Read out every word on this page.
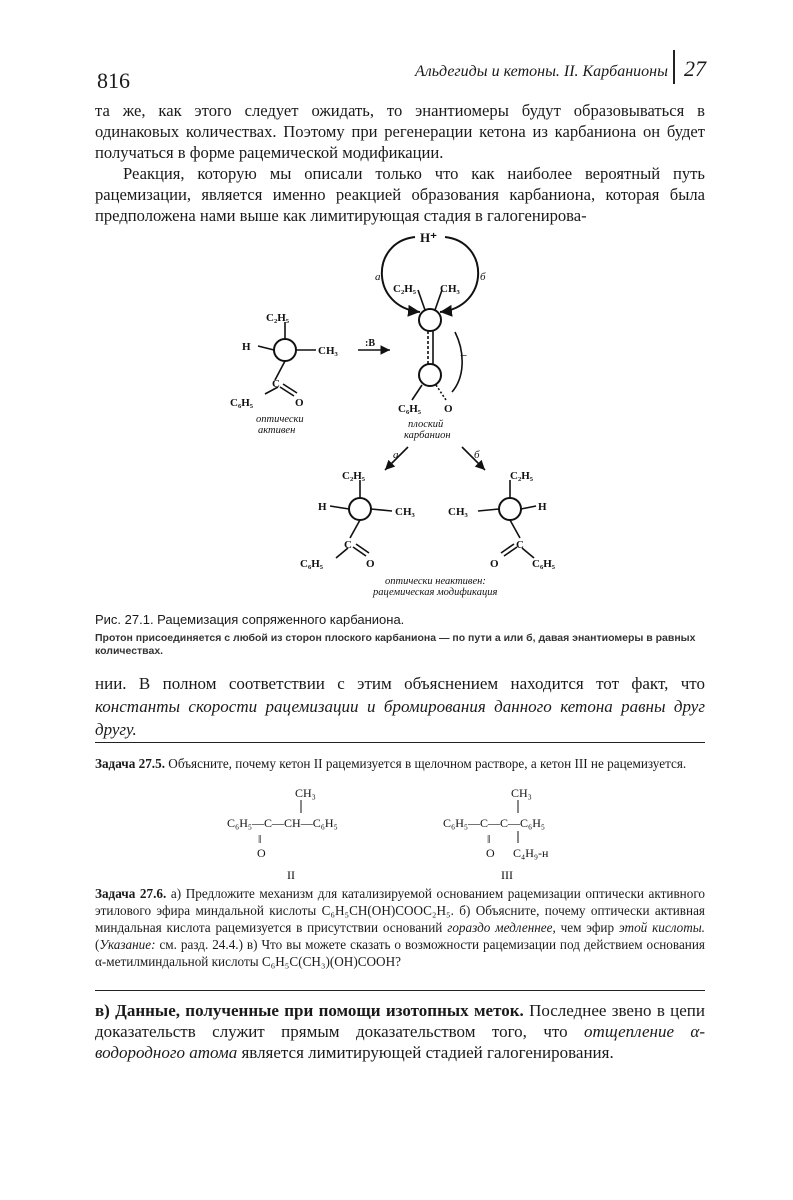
816	Альдегиды и кетоны. II. Карбанионы 27

та же, как этого следует ожидать, то энантиомеры будут образовываться в одинаковых количествах. Поэтому при регенерации кетона из карбаниона он будет получаться в форме рацемической модификации.

Реакция, которую мы описали только что как наиболее вероятный путь рацемизации, является именно реакцией образования карбаниона, которая была предположена нами выше как лимитирующая стадия в галогенирова-

H⁺
а	б
C₂H₅
H	CH₃
C
C₆H₅	O
оптически
активен
:B
−
C₂H₅ CH₃
C₆H₅ O
плоский
карбанион
а	б
C₂H₅
H	CH₃
C
C₆H₅	O
C₂H₅
CH₃	H
C
O	C₆H₅
оптически неактивен:
рацемическая модификация
Рис. 27.1. Рацемизация сопряженного карбаниона.
Протон присоединяется с любой из сторон плоского карбаниона — по пути а или б, давая энантиомеры в равных количествах.
нии. В полном соответствии с этим объяснением находится тот факт, что константы скорости рацемизации и бромирования данного кетона равны друг другу.
Задача 27.5. Объясните, почему кетон II рацемизуется в щелочном растворе, а кетон III не рацемизуется.
CH₃
C₆H₅—C—CH—C₆H₅
‖
O
II
CH₃
C₆H₅—C—C—C₆H₅
‖
O C₄H₉-н
III
Задача 27.6. а) Предложите механизм для катализируемой основанием рацемизации оптически активного этилового эфира миндальной кислоты C₆H₅CH(OH)COOC₂H₅. б) Объясните, почему оптически активная миндальная кислота рацемизуется в присутствии оснований гораздо медленнее, чем эфир этой кислоты. (Указание: см. разд. 24.4.) в) Что вы можете сказать о возможности рацемизации под действием основания α-метилминдальной кислоты C₆H₅C(CH₃)(OH)COOH?
в) Данные, полученные при помощи изотопных меток. Последнее звено в цепи доказательств служит прямым доказательством того, что отщепление α-водородного атома является лимитирующей стадией галогенирования.
